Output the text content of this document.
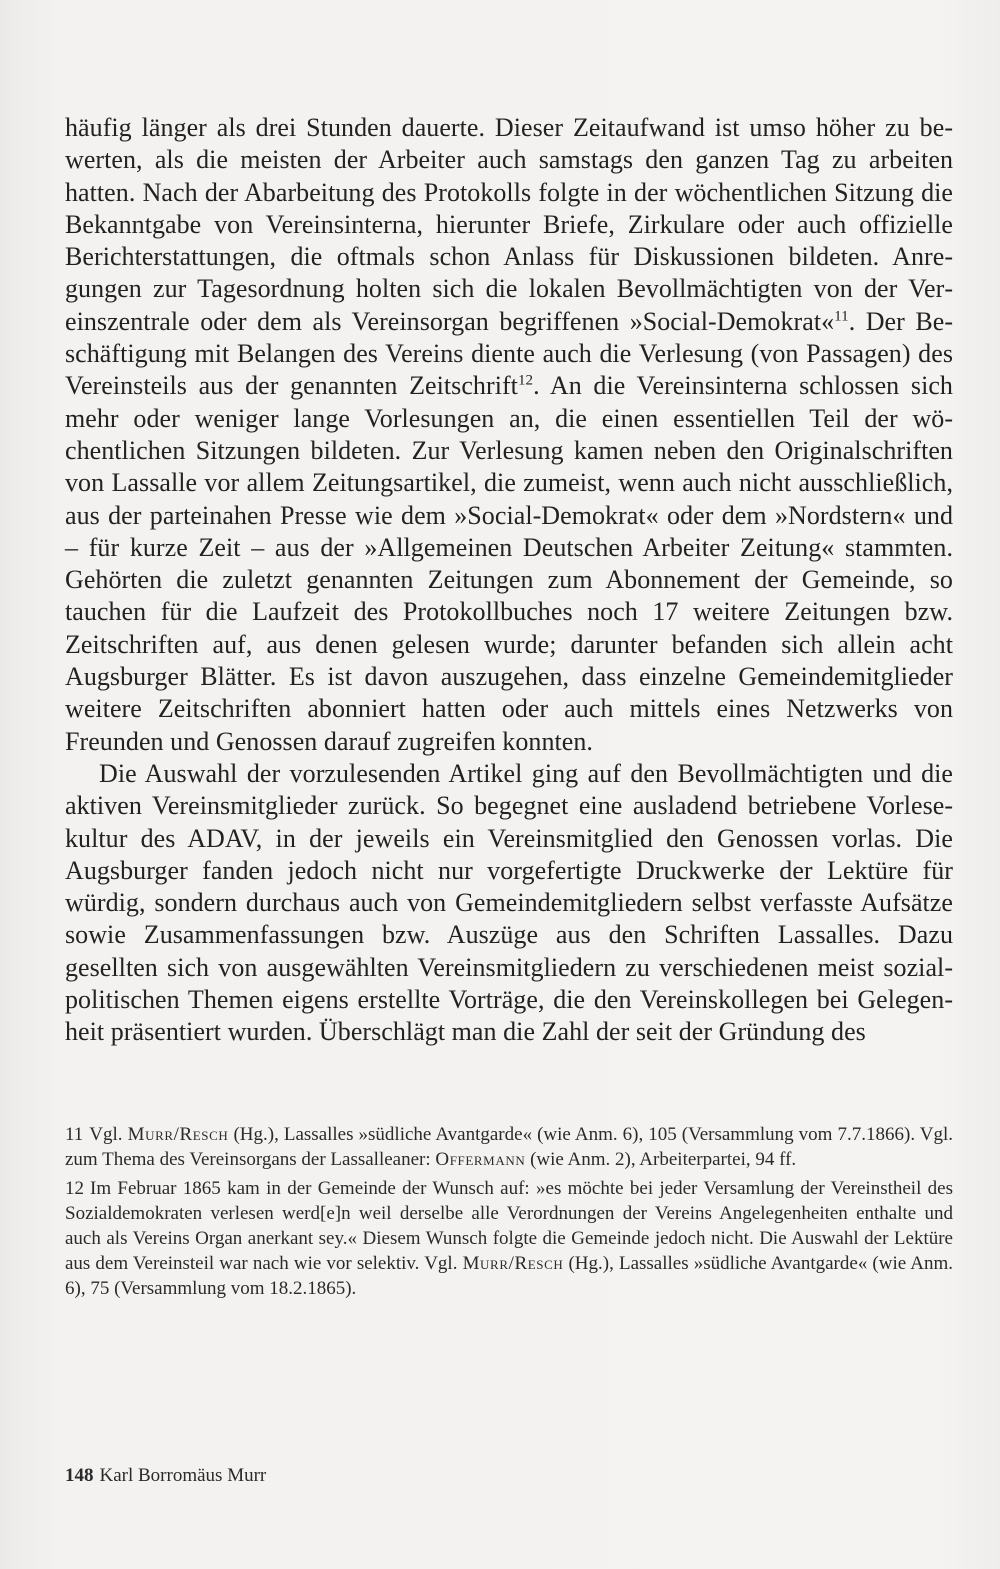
häufig länger als drei Stunden dauerte. Dieser Zeitaufwand ist umso höher zu bewerten, als die meisten der Arbeiter auch samstags den ganzen Tag zu arbeiten hatten. Nach der Abarbeitung des Protokolls folgte in der wöchentlichen Sitzung die Bekanntgabe von Vereinsinterna, hierunter Briefe, Zirkulare oder auch offizielle Berichterstattungen, die oftmals schon Anlass für Diskussionen bildeten. Anregungen zur Tagesordnung holten sich die lokalen Bevollmächtigten von der Vereinszentrale oder dem als Vereinsorgan begriffenen »Social-Demokrat«$^{11}$. Der Beschäftigung mit Belangen des Vereins diente auch die Verlesung (von Passagen) des Vereinsteils aus der genannten Zeitschrift$^{12}$. An die Vereinsinterna schlossen sich mehr oder weniger lange Vorlesungen an, die einen essentiellen Teil der wöchentlichen Sitzungen bildeten. Zur Verlesung kamen neben den Originalschriften von Lassalle vor allem Zeitungsartikel, die zumeist, wenn auch nicht ausschließlich, aus der parteinahen Presse wie dem »Social-Demokrat« oder dem »Nordstern« und – für kurze Zeit – aus der »Allgemeinen Deutschen Arbeiter Zeitung« stammten. Gehörten die zuletzt genannten Zeitungen zum Abonnement der Gemeinde, so tauchen für die Laufzeit des Protokollbuches noch 17 weitere Zeitungen bzw. Zeitschriften auf, aus denen gelesen wurde; darunter befanden sich allein acht Augsburger Blätter. Es ist davon auszugehen, dass einzelne Gemeindemitglieder weitere Zeitschriften abonniert hatten oder auch mittels eines Netzwerks von Freunden und Genossen darauf zugreifen konnten.

Die Auswahl der vorzulesenden Artikel ging auf den Bevollmächtigten und die aktiven Vereinsmitglieder zurück. So begegnet eine ausladend betriebene Vorlesekultur des ADAV, in der jeweils ein Vereinsmitglied den Genossen vorlas. Die Augsburger fanden jedoch nicht nur vorgefertigte Druckwerke der Lektüre für würdig, sondern durchaus auch von Gemeindemitgliedern selbst verfasste Aufsätze sowie Zusammenfassungen bzw. Auszüge aus den Schriften Lassalles. Dazu gesellten sich von ausgewählten Vereinsmitgliedern zu verschiedenen meist sozialpolitischen Themen eigens erstellte Vorträge, die den Vereinskollegen bei Gelegenheit präsentiert wurden. Überschlägt man die Zahl der seit der Gründung des

11 Vgl. Murr/Resch (Hg.), Lassalles »südliche Avantgarde« (wie Anm. 6), 105 (Versammlung vom 7.7.1866). Vgl. zum Thema des Vereinsorgans der Lassalleaner: Offermann (wie Anm. 2), Arbeiterpartei, 94 ff.

12 Im Februar 1865 kam in der Gemeinde der Wunsch auf: »es möchte bei jeder Versamlung der Vereinstheil des Sozialdemokraten verlesen werd[e]n weil derselbe alle Verordnungen der Vereins Angelegenheiten enthalte und auch als Vereins Organ anerkant sey.« Diesem Wunsch folgte die Gemeinde jedoch nicht. Die Auswahl der Lektüre aus dem Vereinsteil war nach wie vor selektiv. Vgl. Murr/Resch (Hg.), Lassalles »südliche Avantgarde« (wie Anm. 6), 75 (Versammlung vom 18.2.1865).

148 Karl Borromäus Murr
